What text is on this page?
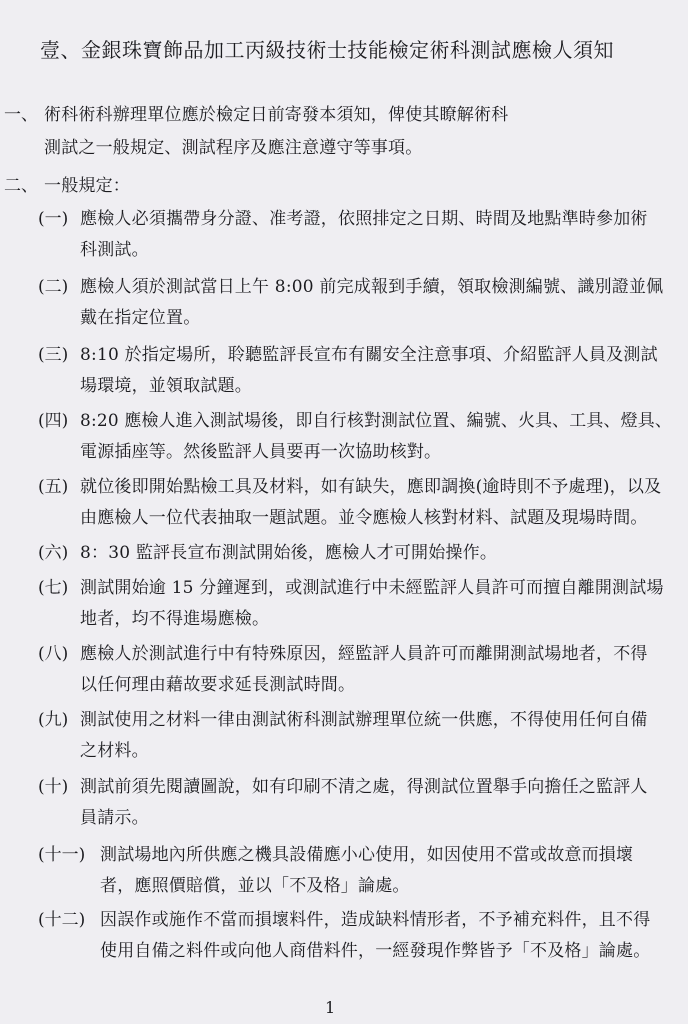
壹、金銀珠寶飾品加工丙級技術士技能檢定術科測試應檢人須知
一、 術科術科辦理單位應於檢定日前寄發本須知，俾使其瞭解術科
測試之一般規定、測試程序及應注意遵守等事項。
二、 一般規定：
(一) 應檢人必須攜帶身分證、准考證，依照排定之日期、時間及地點準時參加術
科測試。
(二) 應檢人須於測試當日上午 8:00 前完成報到手續，領取檢測編號、識別證並佩
戴在指定位置。
(三) 8:10 於指定場所，聆聽監評長宣布有關安全注意事項、介紹監評人員及測試
場環境，並領取試題。
(四) 8:20 應檢人進入測試場後，即自行核對測試位置、編號、火具、工具、燈具、
電源插座等。然後監評人員要再一次協助核對。
(五) 就位後即開始點檢工具及材料，如有缺失，應即調換(逾時則不予處理)，以及
由應檢人一位代表抽取一題試題。並令應檢人核對材料、試題及現場時間。
(六) 8：30 監評長宣布測試開始後，應檢人才可開始操作。
(七) 測試開始逾 15 分鐘遲到，或測試進行中未經監評人員許可而擅自離開測試場
地者，均不得進場應檢。
(八) 應檢人於測試進行中有特殊原因，經監評人員許可而離開測試場地者，不得
以任何理由藉故要求延長測試時間。
(九) 測試使用之材料一律由測試術科測試辦理單位統一供應，不得使用任何自備
之材料。
(十) 測試前須先閱讀圖說，如有印刷不清之處，得測試位置舉手向擔任之監評人
員請示。
(十一) 測試場地內所供應之機具設備應小心使用，如因使用不當或故意而損壞
者，應照價賠償，並以「不及格」論處。
(十二) 因誤作或施作不當而損壞料件，造成缺料情形者，不予補充料件，且不得
使用自備之料件或向他人商借料件，一經發現作弊皆予「不及格」論處。
1
